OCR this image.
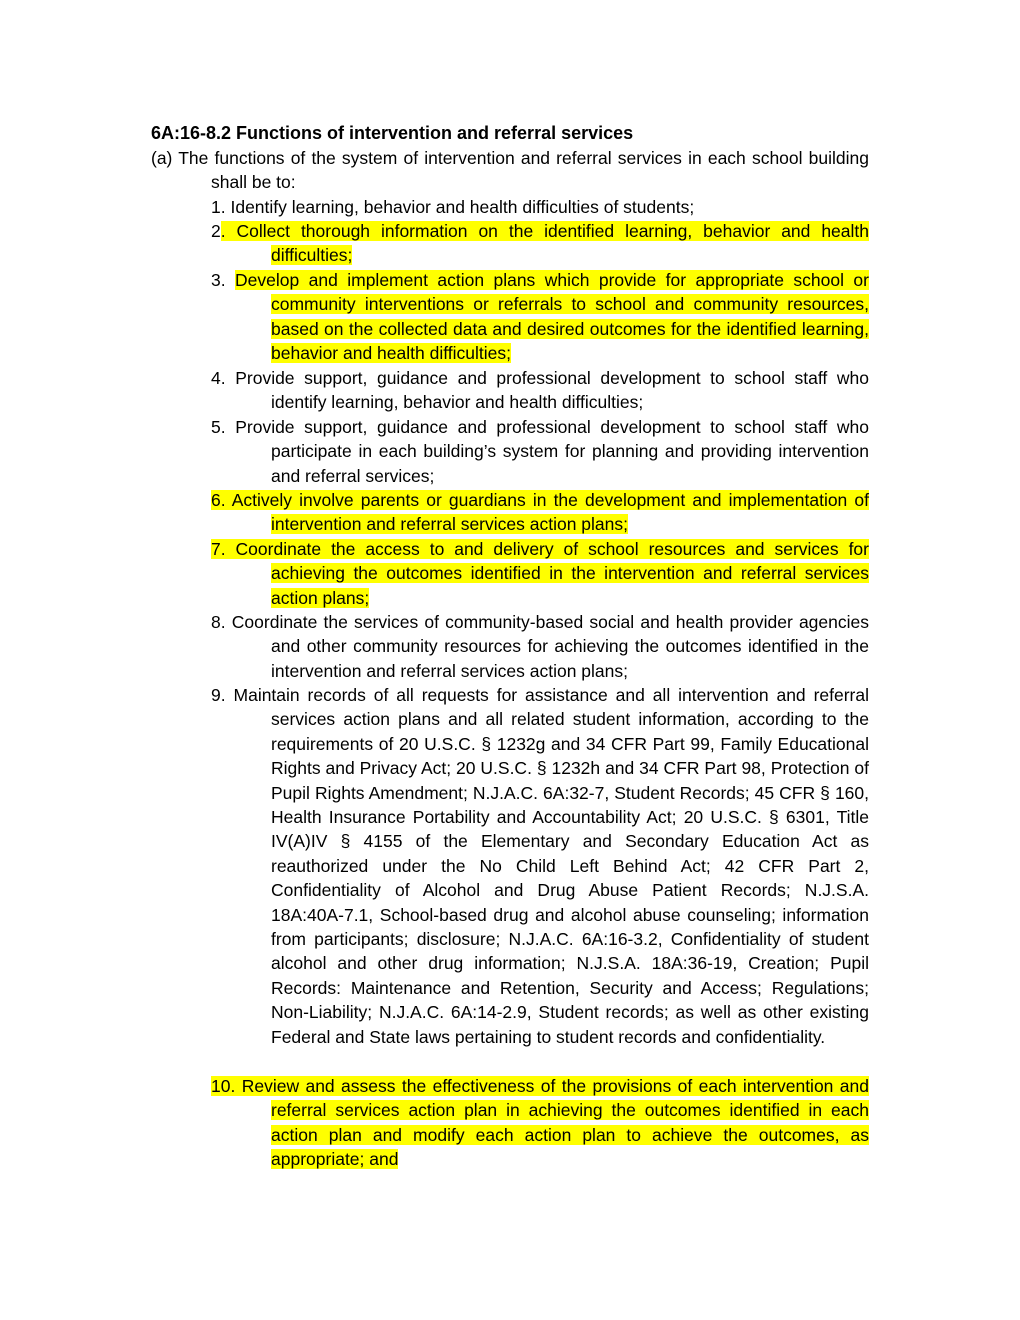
6A:16-8.2 Functions of intervention and referral services
(a) The functions of the system of intervention and referral services in each school building shall be to:
1. Identify learning, behavior and health difficulties of students;
2. Collect thorough information on the identified learning, behavior and health difficulties;
3. Develop and implement action plans which provide for appropriate school or community interventions or referrals to school and community resources, based on the collected data and desired outcomes for the identified learning, behavior and health difficulties;
4. Provide support, guidance and professional development to school staff who identify learning, behavior and health difficulties;
5. Provide support, guidance and professional development to school staff who participate in each building’s system for planning and providing intervention and referral services;
6. Actively involve parents or guardians in the development and implementation of intervention and referral services action plans;
7. Coordinate the access to and delivery of school resources and services for achieving the outcomes identified in the intervention and referral services action plans;
8. Coordinate the services of community-based social and health provider agencies and other community resources for achieving the outcomes identified in the intervention and referral services action plans;
9. Maintain records of all requests for assistance and all intervention and referral services action plans and all related student information, according to the requirements of 20 U.S.C. § 1232g and 34 CFR Part 99, Family Educational Rights and Privacy Act; 20 U.S.C. § 1232h and 34 CFR Part 98, Protection of Pupil Rights Amendment; N.J.A.C. 6A:32-7, Student Records; 45 CFR § 160, Health Insurance Portability and Accountability Act; 20 U.S.C. § 6301, Title IV(A)IV § 4155 of the Elementary and Secondary Education Act as reauthorized under the No Child Left Behind Act; 42 CFR Part 2, Confidentiality of Alcohol and Drug Abuse Patient Records; N.J.S.A. 18A:40A-7.1, School-based drug and alcohol abuse counseling; information from participants; disclosure; N.J.A.C. 6A:16-3.2, Confidentiality of student alcohol and other drug information; N.J.S.A. 18A:36-19, Creation; Pupil Records: Maintenance and Retention, Security and Access; Regulations; Non-Liability; N.J.A.C. 6A:14-2.9, Student records; as well as other existing Federal and State laws pertaining to student records and confidentiality.
10. Review and assess the effectiveness of the provisions of each intervention and referral services action plan in achieving the outcomes identified in each action plan and modify each action plan to achieve the outcomes, as appropriate; and
